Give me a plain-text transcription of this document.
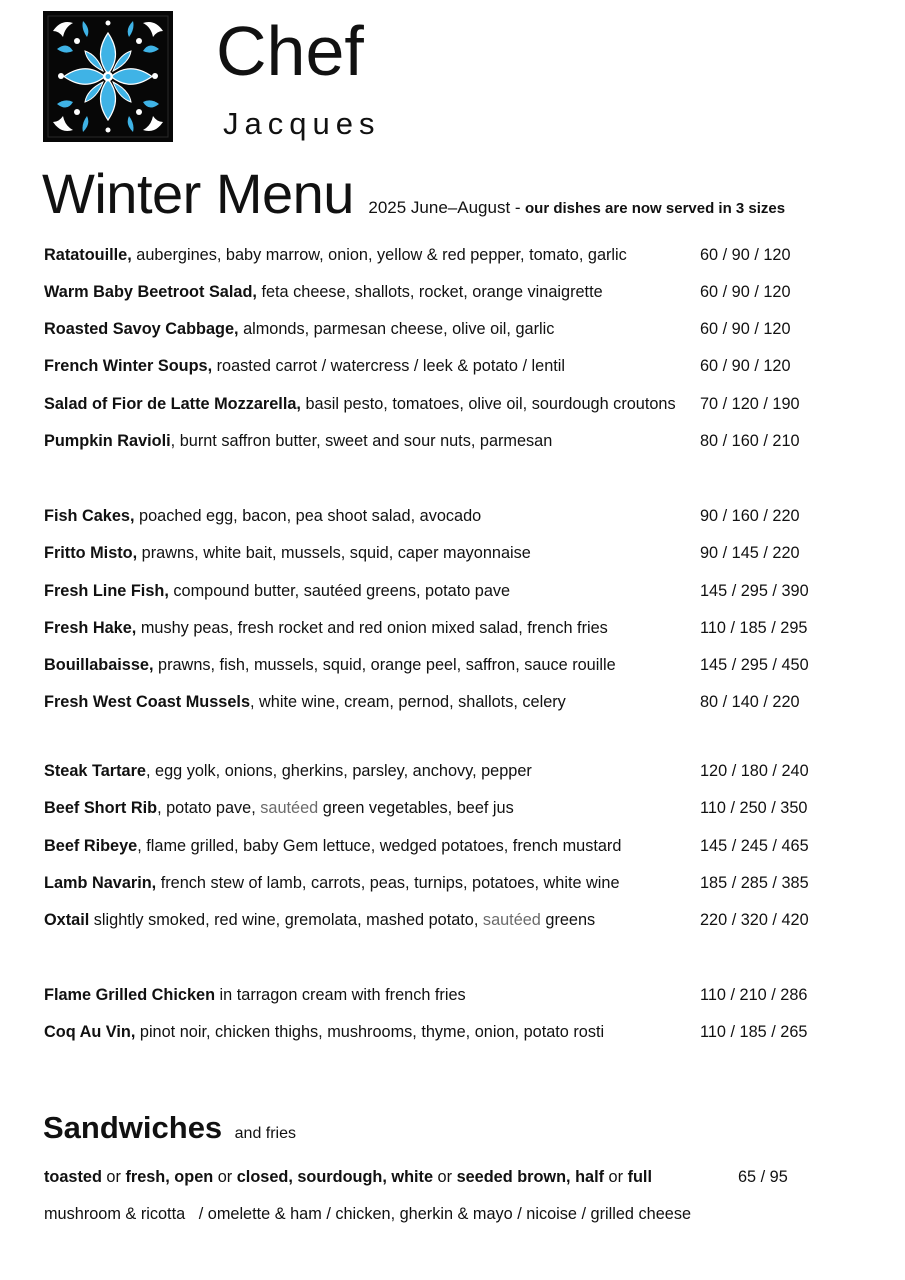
Chef
Jacques
Winter Menu 2025 June–August - our dishes are now served in 3 sizes
Ratatouille, aubergines, baby marrow, onion, yellow & red pepper, tomato, garlic	60 / 90 / 120
Warm Baby Beetroot Salad, feta cheese, shallots, rocket, orange vinaigrette	60 / 90 / 120
Roasted Savoy Cabbage, almonds, parmesan cheese, olive oil, garlic	60 / 90 / 120
French Winter Soups, roasted carrot / watercress / leek & potato / lentil	60 / 90 / 120
Salad of Fior de Latte Mozzarella, basil pesto, tomatoes, olive oil, sourdough croutons 70 / 120 / 190
Pumpkin Ravioli, burnt saffron butter, sweet and sour nuts, parmesan	80 / 160 / 210
Fish Cakes, poached egg, bacon, pea shoot salad, avocado	90 / 160 / 220
Fritto Misto, prawns, white bait, mussels, squid, caper mayonnaise	90 / 145 / 220
Fresh Line Fish, compound butter, sautéed greens, potato pave	145 / 295 / 390
Fresh Hake, mushy peas, fresh rocket and red onion mixed salad, french fries	110 / 185 / 295
Bouillabaisse, prawns, fish, mussels, squid, orange peel, saffron, sauce rouille	145 / 295 / 450
Fresh West Coast Mussels, white wine, cream, pernod, shallots, celery	80 / 140 / 220
Steak Tartare, egg yolk, onions, gherkins, parsley, anchovy, pepper	120 / 180 / 240
Beef Short Rib, potato pave, sautéed green vegetables, beef jus	110 / 250 / 350
Beef Ribeye, flame grilled, baby Gem lettuce, wedged potatoes, french mustard	145 / 245 / 465
Lamb Navarin, french stew of lamb, carrots, peas, turnips, potatoes, white wine	185 / 285 / 385
Oxtail slightly smoked, red wine, gremolata, mashed potato, sautéed greens	220 / 320 / 420
Flame Grilled Chicken in tarragon cream with french fries	110 / 210 / 286
Coq Au Vin, pinot noir, chicken thighs, mushrooms, thyme, onion, potato rosti	110 / 185 / 265
Sandwiches and fries
toasted or fresh, open or closed, sourdough, white or seeded brown, half or full	65 / 95
mushroom & ricotta   / omelette & ham / chicken, gherkin & mayo / nicoise / grilled cheese
